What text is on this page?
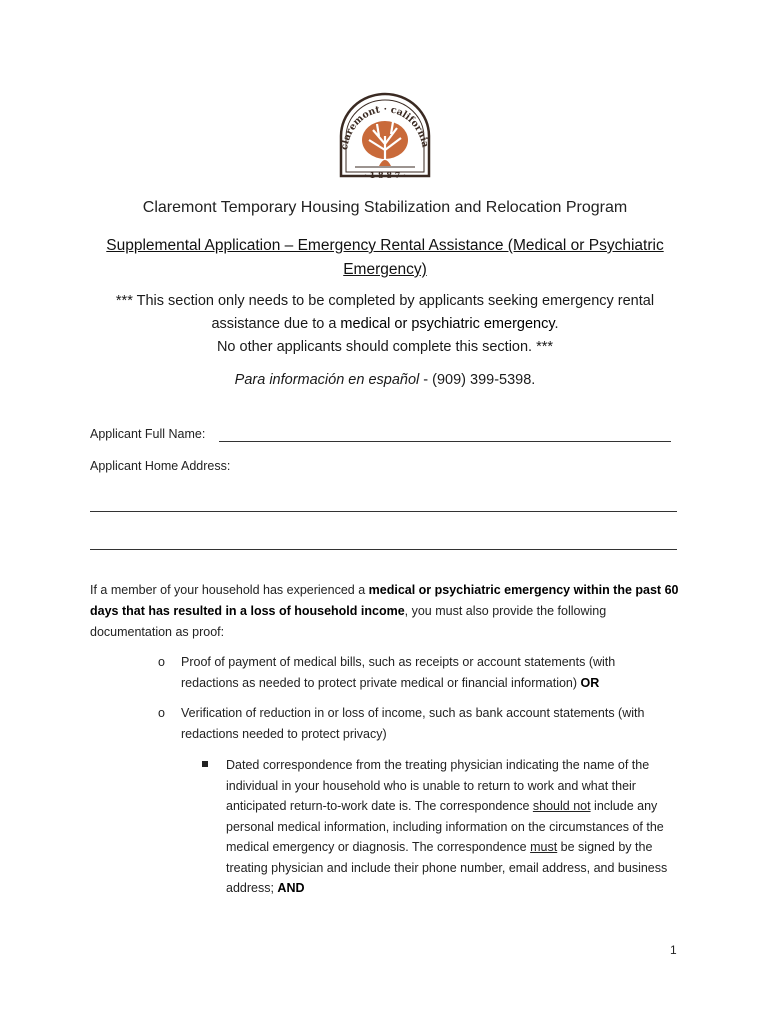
claremont · california
· 1 8 8 7 ·
Claremont Temporary Housing Stabilization and Relocation Program
Supplemental Application – Emergency Rental Assistance (Medical or Psychiatric Emergency)
*** This section only needs to be completed by applicants seeking emergency rental assistance due to a medical or psychiatric emergency.
No other applicants should complete this section. ***
Para información en español - (909) 399-5398.
Applicant Full Name:
Applicant Home Address:
If a member of your household has experienced a medical or psychiatric emergency within the past 60 days that has resulted in a loss of household income, you must also provide the following documentation as proof:
o Proof of payment of medical bills, such as receipts or account statements (with redactions as needed to protect private medical or financial information) OR
o Verification of reduction in or loss of income, such as bank account statements (with redactions needed to protect privacy)
Dated correspondence from the treating physician indicating the name of the individual in your household who is unable to return to work and what their anticipated return-to-work date is. The correspondence should not include any personal medical information, including information on the circumstances of the medical emergency or diagnosis. The correspondence must be signed by the treating physician and include their phone number, email address, and business address; AND
1
